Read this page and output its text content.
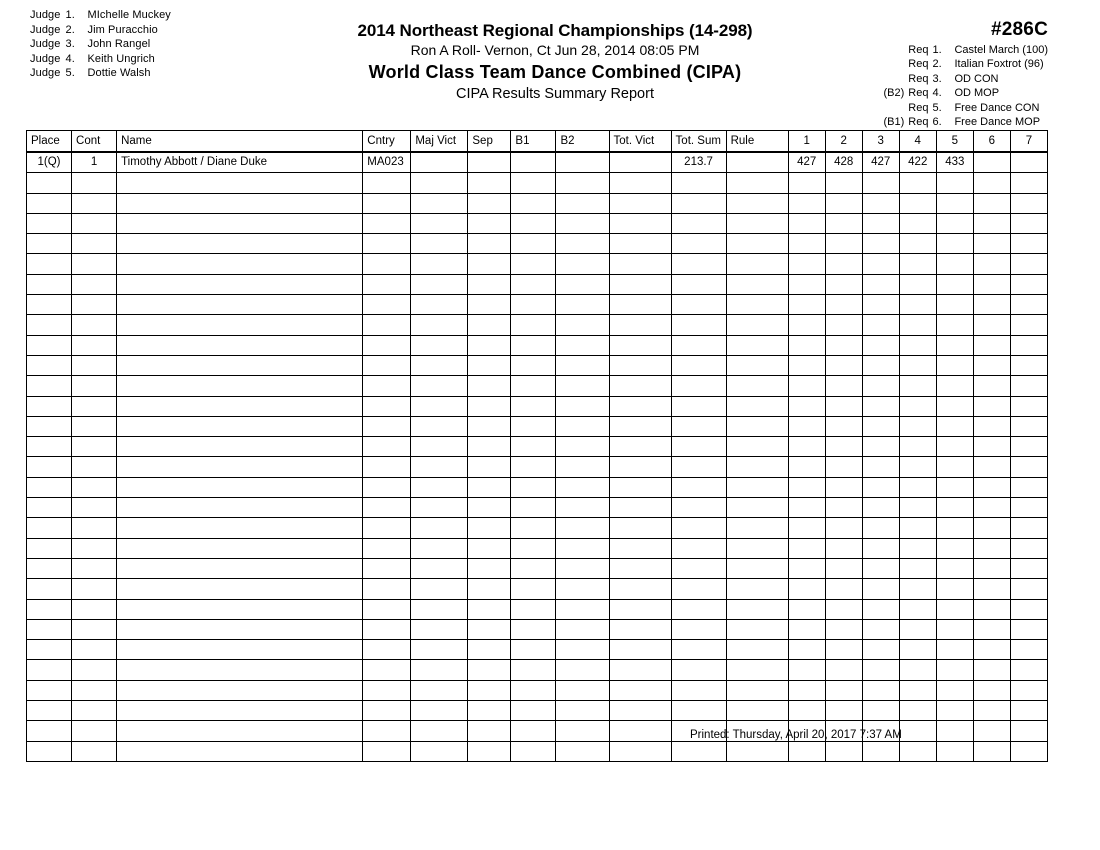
Judge 1. MIchelle Muckey
Judge 2. Jim Puracchio
Judge 3. John Rangel
Judge 4. Keith Ungrich
Judge 5. Dottie Walsh
2014 Northeast Regional Championships (14-298)
Ron A Roll- Vernon, Ct Jun 28, 2014 08:05 PM
World Class Team Dance Combined (CIPA)
CIPA Results Summary Report
#286C
Req 1. Castel March (100)
Req 2. Italian Foxtrot (96)
Req 3. OD CON
(B2) Req 4. OD MOP
Req 5. Free Dance CON
(B1) Req 6. Free Dance MOP
Place	Cont	Name	Cntry	Maj Vict	Sep	B1	B2	Tot. Vict	Tot. Sum	Rule	1	2	3	4	5	6	7
1(Q)	1	Timothy Abbott / Diane Duke	MA023						213.7		427	428	427	422	433		

Printed: Thursday, April 20, 2017 7:37 AM
